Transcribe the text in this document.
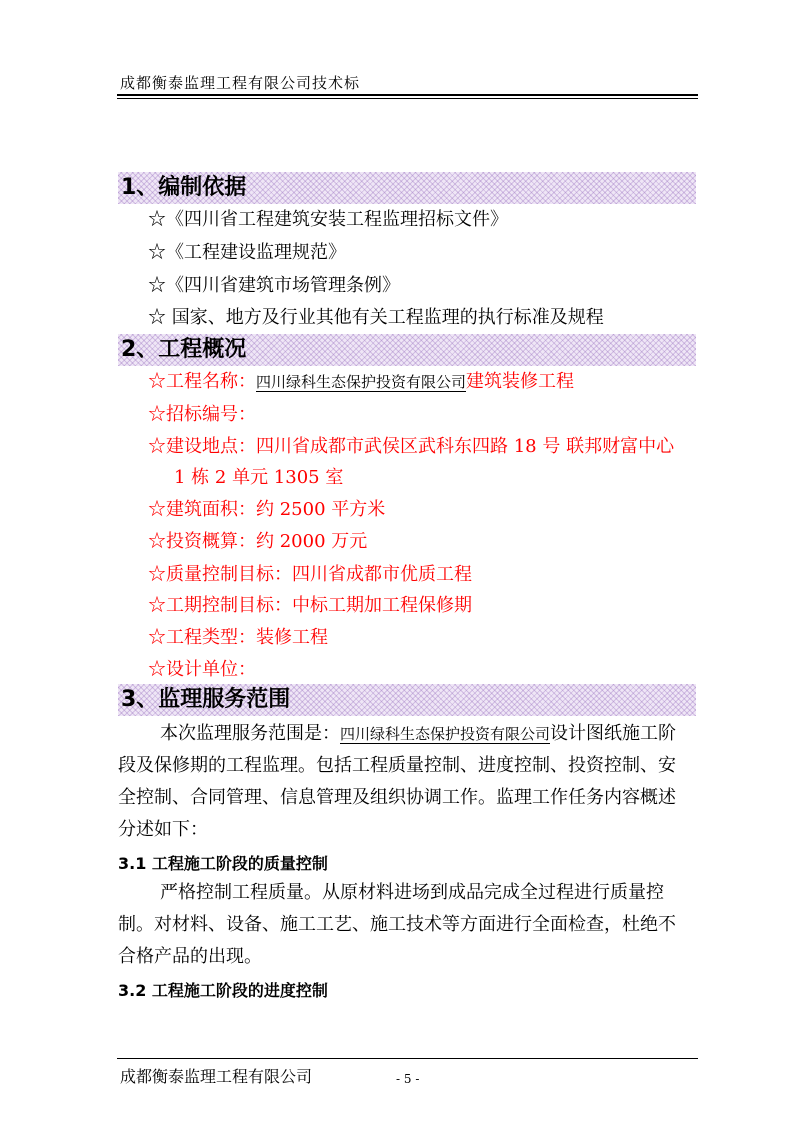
成都衡泰监理工程有限公司技术标
1、编制依据
☆《四川省工程建筑安装工程监理招标文件》
☆《工程建设监理规范》
☆《四川省建筑市场管理条例》
☆ 国家、地方及行业其他有关工程监理的执行标准及规程
2、工程概况
☆工程名称：四川绿科生态保护投资有限公司建筑装修工程
☆招标编号：
☆建设地点：四川省成都市武侯区武科东四路 18 号 联邦财富中心
1 栋 2 单元 1305 室
☆建筑面积：约 2500 平方米
☆投资概算：约 2000 万元
☆质量控制目标：四川省成都市优质工程
☆工期控制目标：中标工期加工程保修期
☆工程类型：装修工程
☆设计单位：
3、监理服务范围
本次监理服务范围是：四川绿科生态保护投资有限公司设计图纸施工阶
段及保修期的工程监理。包括工程质量控制、进度控制、投资控制、安
全控制、合同管理、信息管理及组织协调工作。监理工作任务内容概述
分述如下：
3.1 工程施工阶段的质量控制
严格控制工程质量。从原材料进场到成品完成全过程进行质量控
制。对材料、设备、施工工艺、施工技术等方面进行全面检查，杜绝不
合格产品的出现。
3.2 工程施工阶段的进度控制
成都衡泰监理工程有限公司	- 5 -
